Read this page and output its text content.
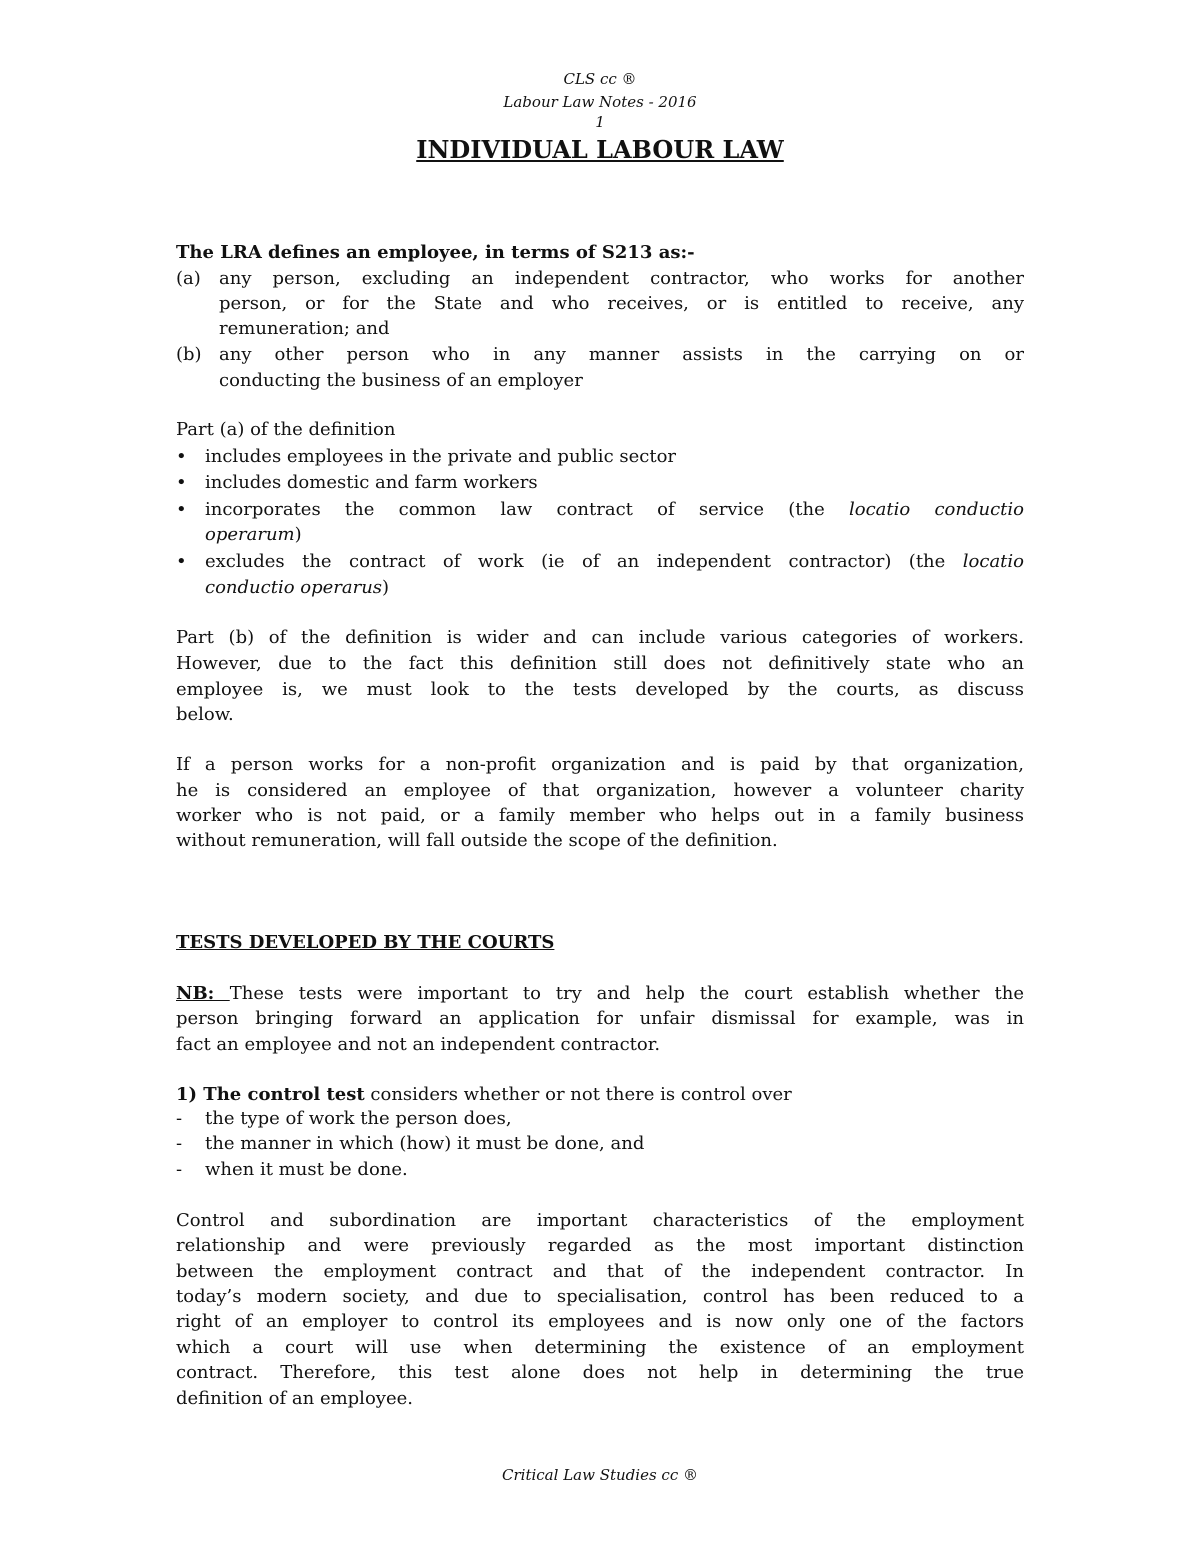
CLS cc ®
Labour Law Notes - 2016
1
INDIVIDUAL LABOUR LAW
The LRA defines an employee, in terms of S213 as:-
(a) any person, excluding an independent contractor, who works for another
person, or for the State and who receives, or is entitled to receive, any
remuneration; and
(b) any other person who in any manner assists in the carrying on or
conducting the business of an employer
Part (a) of the definition
• includes employees in the private and public sector
• includes domestic and farm workers
• incorporates the common law contract of service (the locatio conductio
operarum)
• excludes the contract of work (ie of an independent contractor) (the locatio
conductio operarus)
Part (b) of the definition is wider and can include various categories of workers.
However, due to the fact this definition still does not definitively state who an
employee is, we must look to the tests developed by the courts, as discuss
below.
If a person works for a non-profit organization and is paid by that organization,
he is considered an employee of that organization, however a volunteer charity
worker who is not paid, or a family member who helps out in a family business
without remuneration, will fall outside the scope of the definition.
TESTS DEVELOPED BY THE COURTS
NB: These tests were important to try and help the court establish whether the
person bringing forward an application for unfair dismissal for example, was in
fact an employee and not an independent contractor.
1) The control test considers whether or not there is control over
- the type of work the person does,
- the manner in which (how) it must be done, and
- when it must be done.
Control and subordination are important characteristics of the employment
relationship and were previously regarded as the most important distinction
between the employment contract and that of the independent contractor. In
today’s modern society, and due to specialisation, control has been reduced to a
right of an employer to control its employees and is now only one of the factors
which a court will use when determining the existence of an employment
contract. Therefore, this test alone does not help in determining the true
definition of an employee.
Critical Law Studies cc ®
